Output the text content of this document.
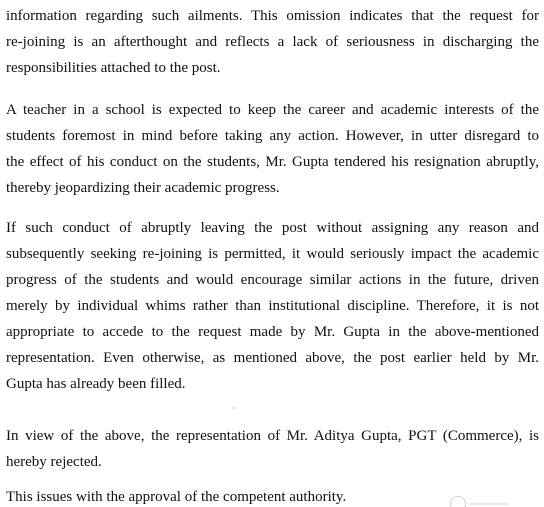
information regarding such ailments. This omission indicates that the request for
re-joining is an afterthought and reflects a lack of seriousness in discharging the
responsibilities attached to the post.
A teacher in a school is expected to keep the career and academic interests of the
students foremost in mind before taking any action. However, in utter disregard to
the effect of his conduct on the students, Mr. Gupta tendered his resignation abruptly,
thereby jeopardizing their academic progress.
If such conduct of abruptly leaving the post without assigning any reason and
subsequently seeking re-joining is permitted, it would seriously impact the academic
progress of the students and would encourage similar actions in the future, driven
merely by individual whims rather than institutional discipline. Therefore, it is not
appropriate to accede to the request made by Mr. Gupta in the above-mentioned
representation. Even otherwise, as mentioned above, the post earlier held by Mr.
Gupta has already been filled.
In view of the above, the representation of Mr. Aditya Gupta, PGT (Commerce), is
hereby rejected.
This issues with the approval of the competent authority.
